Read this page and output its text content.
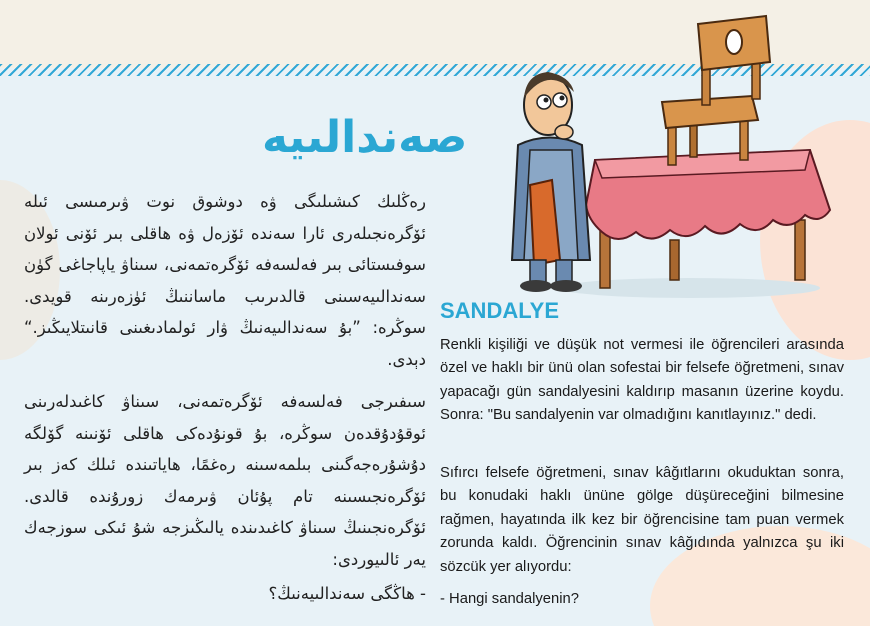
صەندالىيە
رەڭلىك كىشىلىگى ۋە دوشوق نوت ۋىرمىسى ئىلە ئۆگرەنجىلەرى ئارا سەندە ئۆزەل ۋە ھاقلى بىر ئۆنى ئولان سوفىستائى بىر فەلسەفە ئۆگرەتمەنى، سىناۋ ياپاجاغى گۈن سەندالىيەسىنى قالدىرىب ماساننىڭ ئۈزەرىنە قويدى. سوڭرە: ”بۇ سەندالىيەنىڭ ۋار ئولمادىغىنى قانىتلايىڭىز.“ دېدى.
سىفىرجى فەلسەفە ئۆگرەتمەنى، سىناۋ كاغىدلەرىنى ئوقۇدۇقدەن سوڭرە، بۇ قونۇدەكى ھاقلى ئۆنىنە گۆلگە دۇشۇرەجەگىنى بىلمەسىنە رەغمًا، ھاياتىندە ئىلك كەز بىر ئۆگرەنجىسىنە تام پۇئان ۋىرمەك زورۇندە قالدى. ئۆگرەنجىنىڭ سىناۋ كاغىدىندە يالىڭىزجە شۇ ئىكى سوزجەك يەر ئالىيوردى:
- ھاڭگى سەندالىيەنىڭ؟
SANDALYE
Renkli kişiliği ve düşük not vermesi ile öğrencileri arasında özel ve haklı bir ünü olan sofestai bir felsefe öğretmeni, sınav yapacağı gün sandalyesini kaldırıp masanın üzerine koydu. Sonra: "Bu sandalyenin var olmadığını kanıtlayınız." dedi.
Sıfırcı felsefe öğretmeni, sınav kâğıtlarını okuduktan sonra, bu konudaki haklı ününe gölge düşüreceğini bilmesine rağmen, hayatında ilk kez bir öğrencisine tam puan vermek zorunda kaldı. Öğrencinin sınav kâğıdında yalnızca şu iki sözcük yer alıyordu:
- Hangi sandalyenin?
